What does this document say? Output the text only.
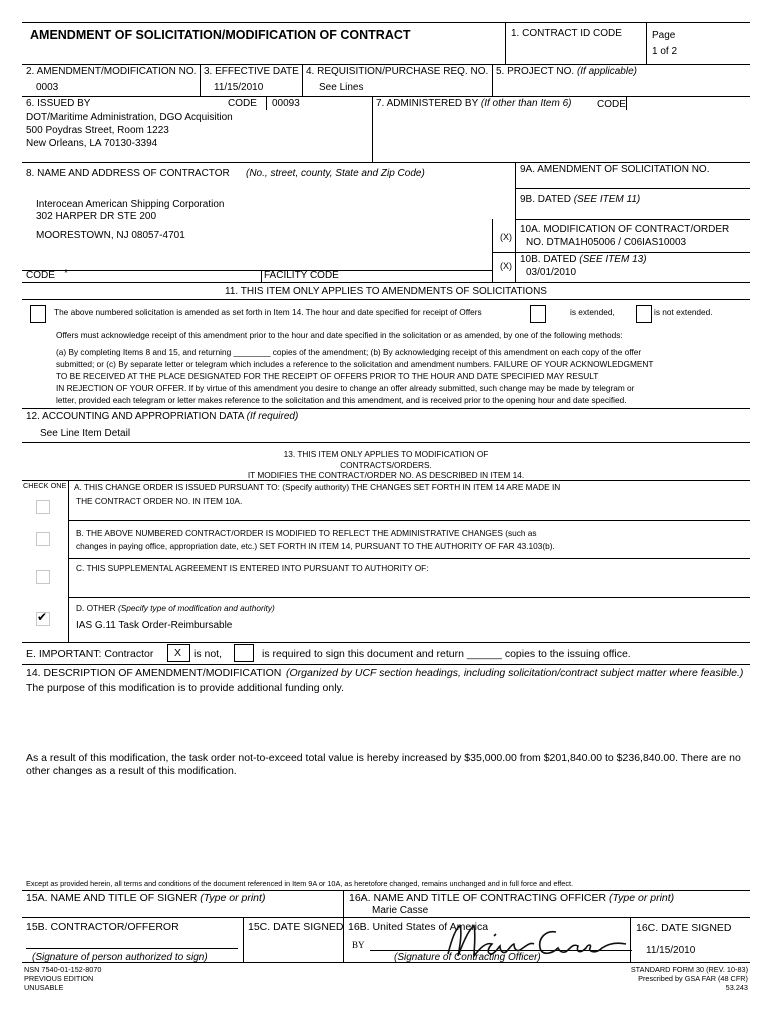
AMENDMENT OF SOLICITATION/MODIFICATION OF CONTRACT	1. CONTRACT ID CODE	Page
1 of 2
2. AMENDMENT/MODIFICATION NO.
0003
3. EFFECTIVE DATE
11/15/2010
4. REQUISITION/PURCHASE REQ. NO.
See Lines
5. PROJECT NO. (If applicable)
6. ISSUED BY	CODE 00093
DOT/Maritime Administration, DGO Acquisition
500 Poydras Street, Room 1223
New Orleans, LA 70130-3394
7. ADMINISTERED BY (If other than Item 6)	CODE
8. NAME AND ADDRESS OF CONTRACTOR (No., street, county, State and Zip Code)
Interocean American Shipping Corporation
302 HARPER DR STE 200
MOORESTOWN, NJ 08057-4701
CODE *	FACILITY CODE
9A. AMENDMENT OF SOLICITATION NO.
9B. DATED (SEE ITEM 11)
(X)
10A. MODIFICATION OF CONTRACT/ORDER
NO. DTMA1H05006 / C06IAS10003
(X)
10B. DATED (SEE ITEM 13)
03/01/2010
11. THIS ITEM ONLY APPLIES TO AMENDMENTS OF SOLICITATIONS
The above numbered solicitation is amended as set forth in Item 14. The hour and date specified for receipt of Offers	is extended,	is not extended.
Offers must acknowledge receipt of this amendment prior to the hour and date specified in the solicitation or as amended, by one of the following methods:
(a) By completing Items 8 and 15, and returning ________ copies of the amendment; (b) By acknowledging receipt of this amendment on each copy of the offer
submitted; or (c) By separate letter or telegram which includes a reference to the solicitation and amendment numbers. FAILURE OF YOUR ACKNOWLEDGMENT
TO BE RECEIVED AT THE PLACE DESIGNATED FOR THE RECEIPT OF OFFERS PRIOR TO THE HOUR AND DATE SPECIFIED MAY RESULT
IN REJECTION OF YOUR OFFER. If by virtue of this amendment you desire to change an offer already submitted, such change may be made by telegram or
letter, provided each telegram or letter makes reference to the solicitation and this amendment, and is received prior to the opening hour and date specified.
12. ACCOUNTING AND APPROPRIATION DATA (If required)
See Line Item Detail
13. THIS ITEM ONLY APPLIES TO MODIFICATION OF
CONTRACTS/ORDERS.
IT MODIFIES THE CONTRACT/ORDER NO. AS DESCRIBED IN ITEM 14.
CHECK ONE A. THIS CHANGE ORDER IS ISSUED PURSUANT TO: (Specify authority) THE CHANGES SET FORTH IN ITEM 14 ARE MADE IN
THE CONTRACT ORDER NO. IN ITEM 10A.
B. THE ABOVE NUMBERED CONTRACT/ORDER IS MODIFIED TO REFLECT THE ADMINISTRATIVE CHANGES (such as
changes in paying office, appropriation date, etc.) SET FORTH IN ITEM 14, PURSUANT TO THE AUTHORITY OF FAR 43.103(b).
C. THIS SUPPLEMENTAL AGREEMENT IS ENTERED INTO PURSUANT TO AUTHORITY OF:
D. OTHER (Specify type of modification and authority)
IAS G.11 Task Order-Reimbursable
✔
E. IMPORTANT: Contractor X is not,	is required to sign this document and return ______ copies to the issuing office.
14. DESCRIPTION OF AMENDMENT/MODIFICATION (Organized by UCF section headings, including solicitation/contract subject matter where feasible.)
The purpose of this modification is to provide additional funding only.
As a result of this modification, the task order not-to-exceed total value is hereby increased by $35,000.00 from $201,840.00 to $236,840.00. There are no
other changes as a result of this modification.
Except as provided herein, all terms and conditions of the document referenced in Item 9A or 10A, as heretofore changed, remains unchanged and in full force and effect.
15A. NAME AND TITLE OF SIGNER (Type or print)	16A. NAME AND TITLE OF CONTRACTING OFFICER (Type or print)
Marie Casse
15B. CONTRACTOR/OFFEROR	15C. DATE SIGNED 16B. United States of America	16C. DATE SIGNED
11/15/2010
BY
(Signature of person authorized to sign)	(Signature of Contracting Officer)
NSN 7540-01-152-8070
PREVIOUS EDITION
UNUSABLE
STANDARD FORM 30 (REV. 10-83)
Prescribed by GSA FAR (48 CFR)
53.243
